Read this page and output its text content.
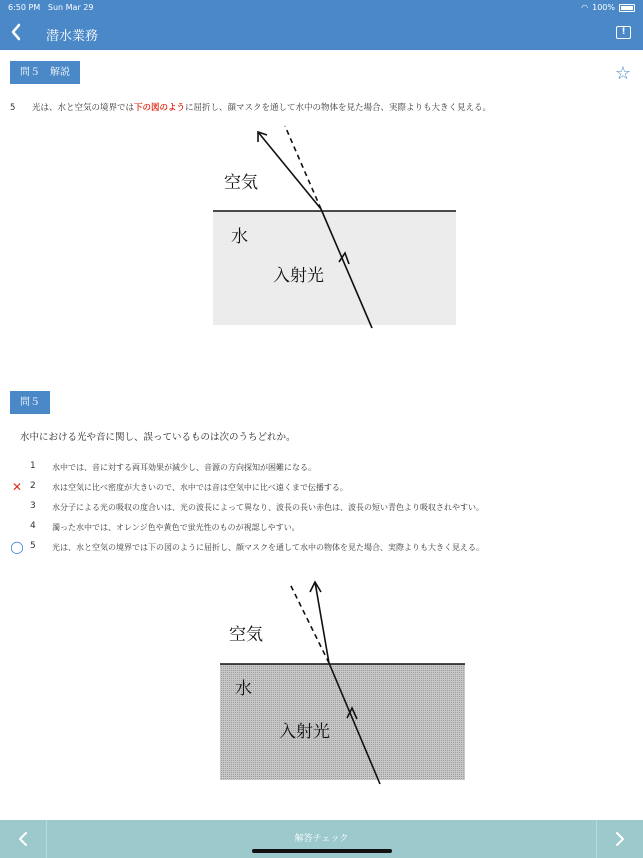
6:50 PM Sun Mar 29	◠ 100%
潜水業務	!
問５　解説	☆
5 光は、水と空気の境界では下の図のように屈折し、顔マスクを通して水中の物体を見た場合、実際よりも大きく見える。
空気
水
入射光
問５
水中における光や音に関し、誤っているものは次のうちどれか。
1 水中では、音に対する両耳効果が減少し、音源の方向探知が困難になる。
✕ 2 水は空気に比べ密度が大きいので、水中では音は空気中に比べ遠くまで伝播する。
3 水分子による光の吸収の度合いは、光の波長によって異なり、波長の長い赤色は、波長の短い青色より吸収されやすい。
4 濁った水中では、オレンジ色や黄色で蛍光性のものが視認しやすい。
◯ 5 光は、水と空気の境界では下の図のように屈折し、顔マスクを通して水中の物体を見た場合、実際よりも大きく見える。
空気
水
入射光
解答チェック
